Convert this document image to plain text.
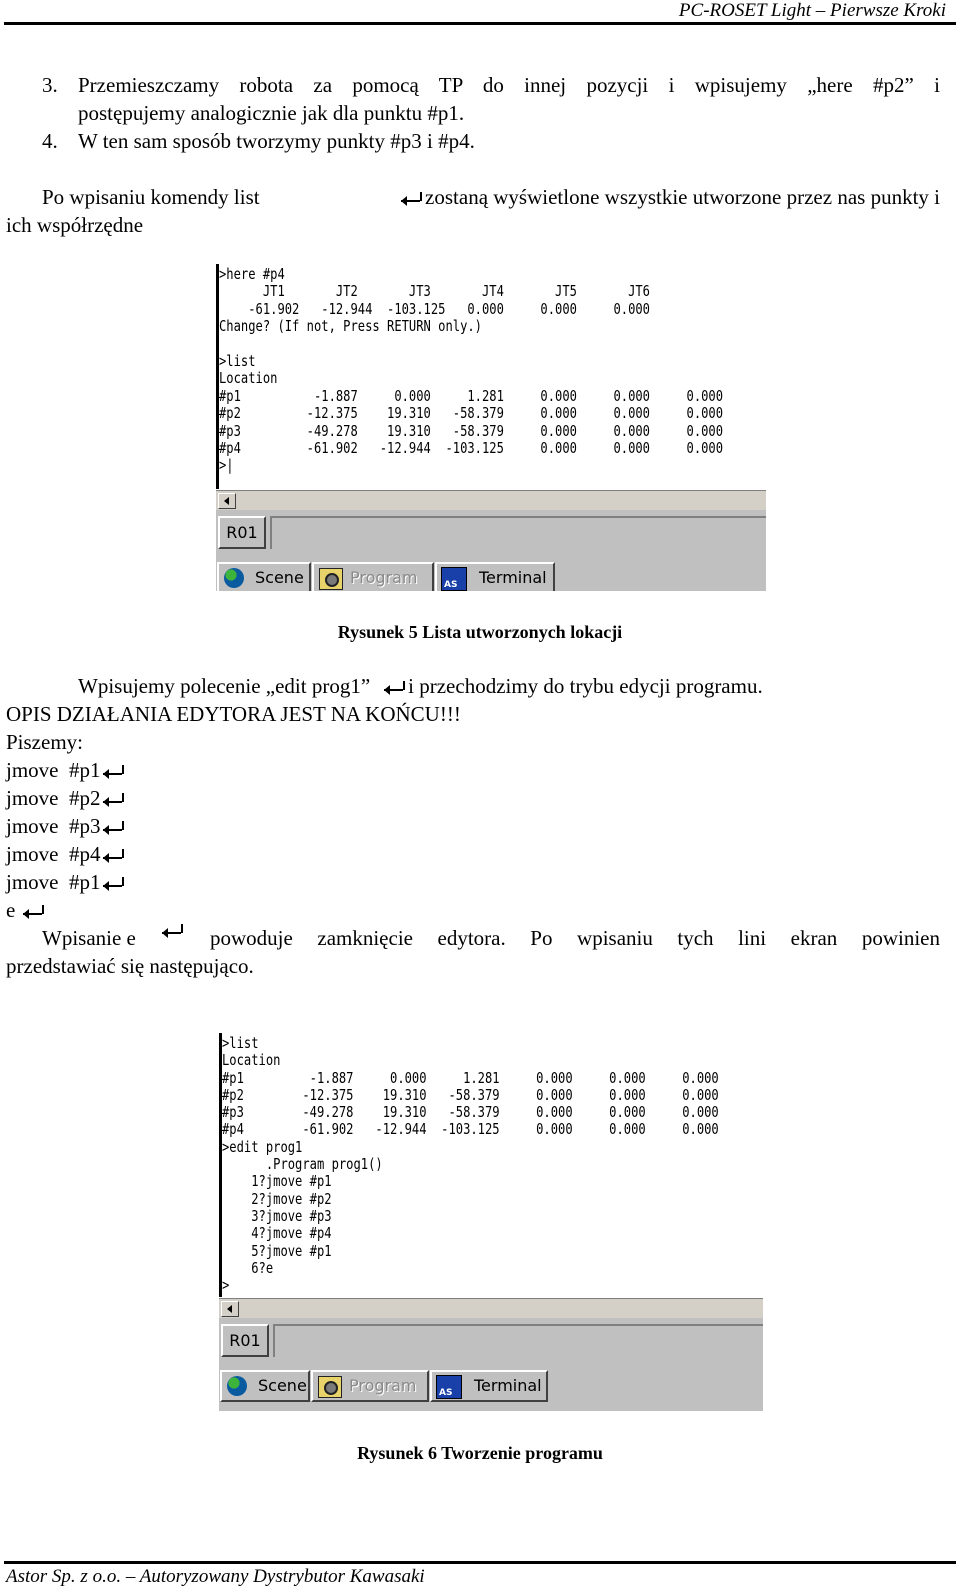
PC-ROSET Light – Pierwsze Kroki
3. Przemieszczamy robota za pomocą TP do innej pozycji i wpisujemy „here #p2” i
postępujemy analogicznie jak dla punktu #p1.
4. W ten sam sposób tworzymy punkty #p3 i #p4.
Po wpisaniu komendy list	zostaną wyświetlone wszystkie utworzone przez nas punkty i
ich współrzędne
>here #p4
JT1       JT2       JT3       JT4       JT5       JT6
-61.902   -12.944  -103.125   0.000     0.000     0.000
Change? (If not, Press RETURN only.)

>list
Location
#p1          -1.887     0.000     1.281     0.000     0.000     0.000
#p2         -12.375    19.310   -58.379     0.000     0.000     0.000
#p3         -49.278    19.310   -58.379     0.000     0.000     0.000
#p4         -61.902   -12.944  -103.125     0.000     0.000     0.000
>|
R01
Scene	Program AS	Terminal
Rysunek 5 Lista utworzonych lokacji
Wpisujemy polecenie „edit prog1” i przechodzimy do trybu edycji programu.
OPIS DZIAŁANIA EDYTORA JEST NA KOŃCU!!!
Piszemy:
jmove  #p1
jmove  #p2
jmove  #p3
jmove  #p4
jmove  #p1
e
Wpisanie e	powoduje zamknięcie edytora. Po wpisaniu tych lini ekran powinien
przedstawiać się następująco.
>list
Location
#p1         -1.887     0.000     1.281     0.000     0.000     0.000
#p2        -12.375    19.310   -58.379     0.000     0.000     0.000
#p3        -49.278    19.310   -58.379     0.000     0.000     0.000
#p4        -61.902   -12.944  -103.125     0.000     0.000     0.000
>edit prog1
.Program prog1()
1?jmove #p1
2?jmove #p2
3?jmove #p3
4?jmove #p4
5?jmove #p1
6?e
>
R01
Scene	Program AS	Terminal
Rysunek 6 Tworzenie programu
Astor Sp. z o.o. – Autoryzowany Dystrybutor Kawasaki
